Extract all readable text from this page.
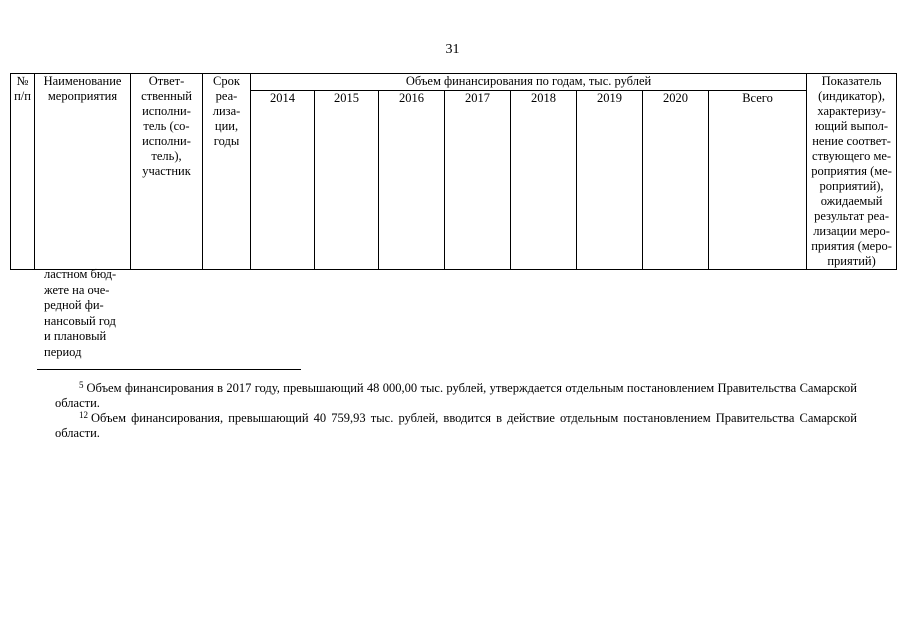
31
№ п/п	Наименование мероприятия	Ответ-ственный исполни-тель (со-исполни-тель), участник	Срок реа-лиза-ции, годы	Объем финансирования по годам, тыс. рублей								Показатель (индикатор), характеризу-ющий выпол-нение соответ-ствующего ме-роприятия (ме-роприятий), ожидаемый результат реа-лизации меро-приятия (меро-приятий)
				2014	2015	2016	2017	2018	2019	2020	Всего	
ластном бюд-
жете на оче-
редной фи-
нансовый год
и плановый
период
$^5$ Объем финансирования в 2017 году, превышающий 48 000,00 тыс. рублей, утверждается отдельным постановлением Правительства Самарской области.
$^{12}$ Объем финансирования, превышающий 40 759,93 тыс. рублей, вводится в действие отдельным постановлением Правительства Самарской области.
